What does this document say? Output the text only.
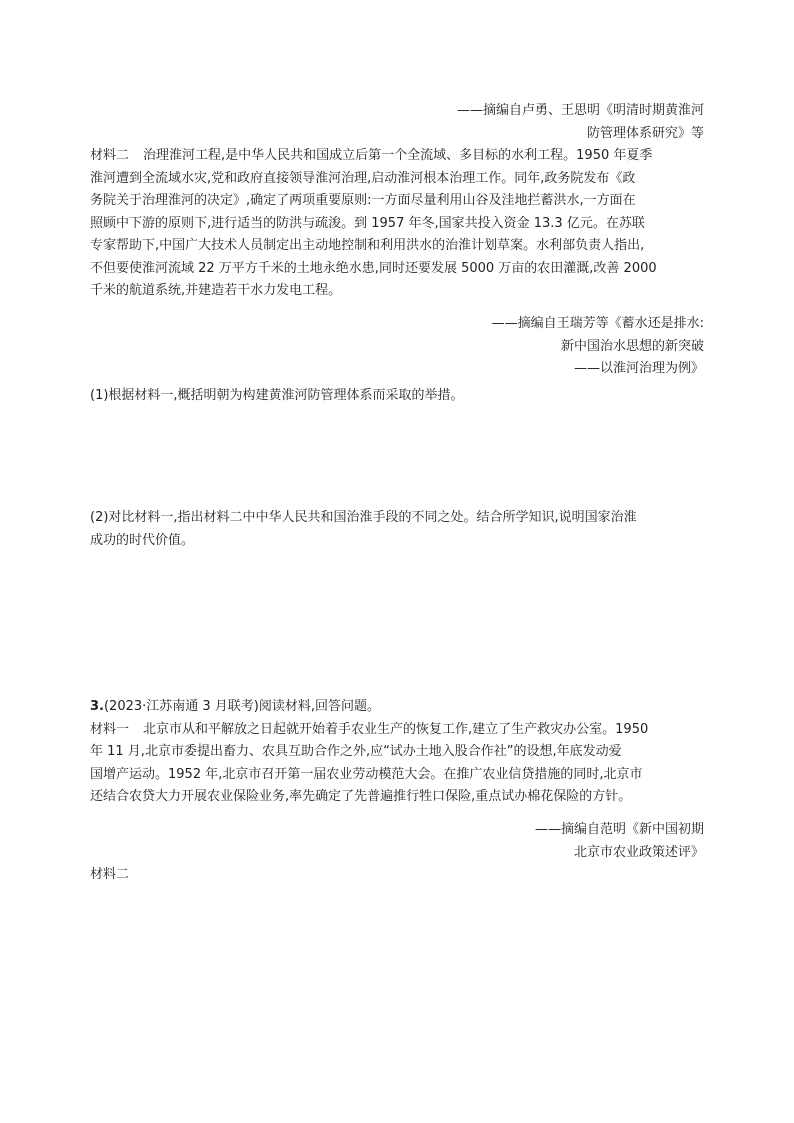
——摘编自卢勇、王思明《明清时期黄淮河
防管理体系研究》等
材料二 治理淮河工程,是中华人民共和国成立后第一个全流域、多目标的水利工程。1950 年夏季
淮河遭到全流域水灾,党和政府直接领导淮河治理,启动淮河根本治理工作。同年,政务院发布《政
务院关于治理淮河的决定》,确定了两项重要原则:一方面尽量利用山谷及洼地拦蓄洪水,一方面在
照顾中下游的原则下,进行适当的防洪与疏浚。到 1957 年冬,国家共投入资金 13.3 亿元。在苏联
专家帮助下,中国广大技术人员制定出主动地控制和利用洪水的治淮计划草案。水利部负责人指出,
不但要使淮河流域 22 万平方千米的土地永绝水患,同时还要发展 5000 万亩的农田灌溉,改善 2000
千米的航道系统,并建造若干水力发电工程。
——摘编自王瑞芳等《蓄水还是排水:
新中国治水思想的新突破
——以淮河治理为例》
(1)根据材料一,概括明朝为构建黄淮河防管理体系而采取的举措。
(2)对比材料一,指出材料二中中华人民共和国治淮手段的不同之处。结合所学知识,说明国家治淮
成功的时代价值。
3.(2023·江苏南通 3 月联考)阅读材料,回答问题。
材料一 北京市从和平解放之日起就开始着手农业生产的恢复工作,建立了生产救灾办公室。1950
年 11 月,北京市委提出畜力、农具互助合作之外,应“试办土地入股合作社”的设想,年底发动爱
国增产运动。1952 年,北京市召开第一届农业劳动模范大会。在推广农业信贷措施的同时,北京市
还结合农贷大力开展农业保险业务,率先确定了先普遍推行牲口保险,重点试办棉花保险的方针。
——摘编自范明《新中国初期
北京市农业政策述评》
材料二
